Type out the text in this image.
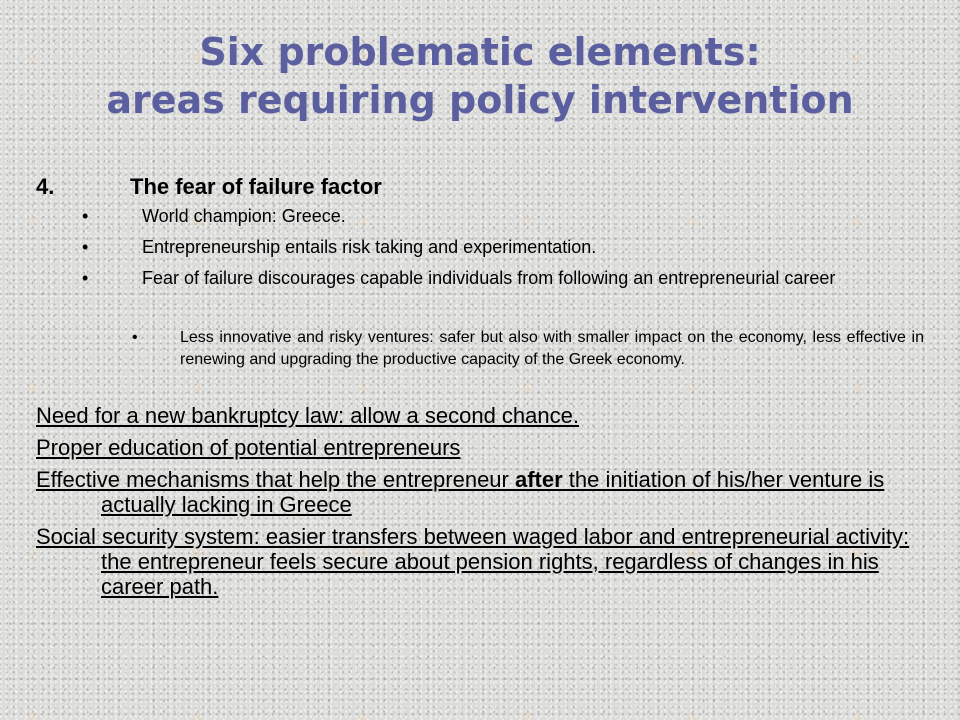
Six problematic elements:
areas requiring policy intervention
4.	The fear of failure factor
•	World champion: Greece.
•	Entrepreneurship entails risk taking and experimentation.
•	Fear of failure discourages capable individuals from following an entrepreneurial career
•	Less innovative and risky ventures: safer but also with smaller impact on the economy, less effective in renewing and upgrading the productive capacity of the Greek economy.
Need for a new bankruptcy law: allow a second chance.
Proper education of potential entrepreneurs
Effective mechanisms that help the entrepreneur after the initiation of his/her venture is actually lacking in Greece
Social security system: easier transfers between waged labor and entrepreneurial activity: the entrepreneur feels secure about pension rights, regardless of changes in his career path.
